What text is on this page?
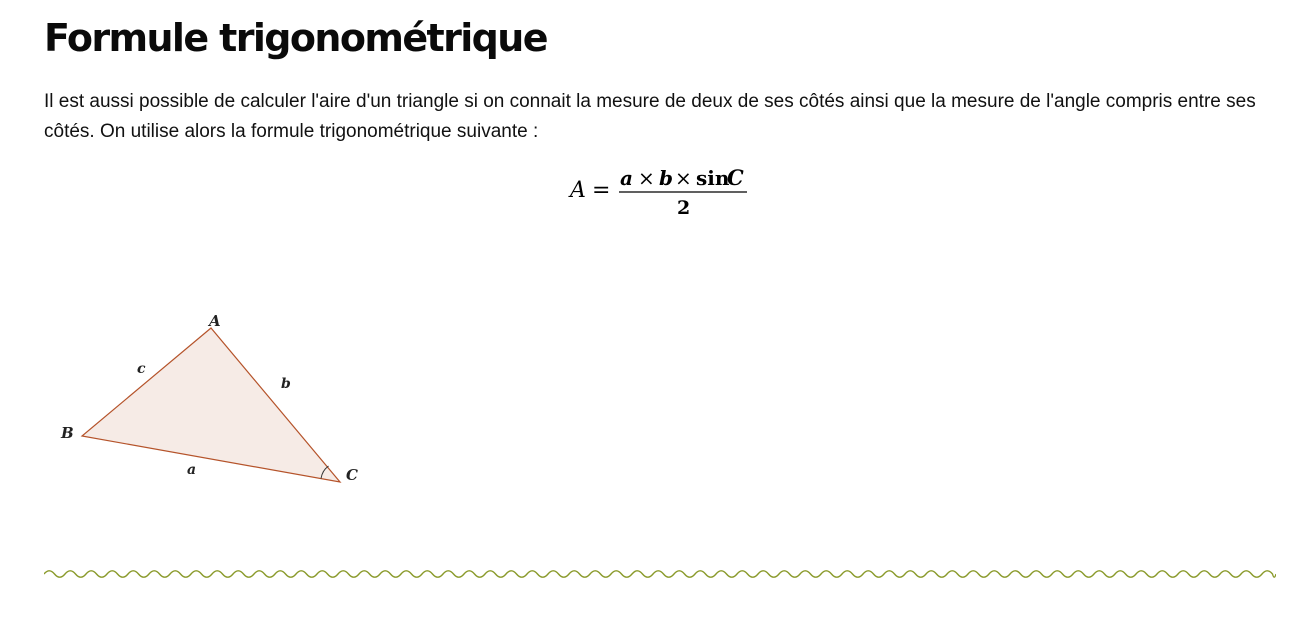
Formule trigonométrique

Il est aussi possible de calculer l'aire d'un triangle si on connait la mesure de deux de ses côtés ainsi que la mesure de l'angle compris entre ses côtés. On utilise alors la formule trigonométrique suivante :

A = a × b × sin
C
2
A
B
C
c
b
a
